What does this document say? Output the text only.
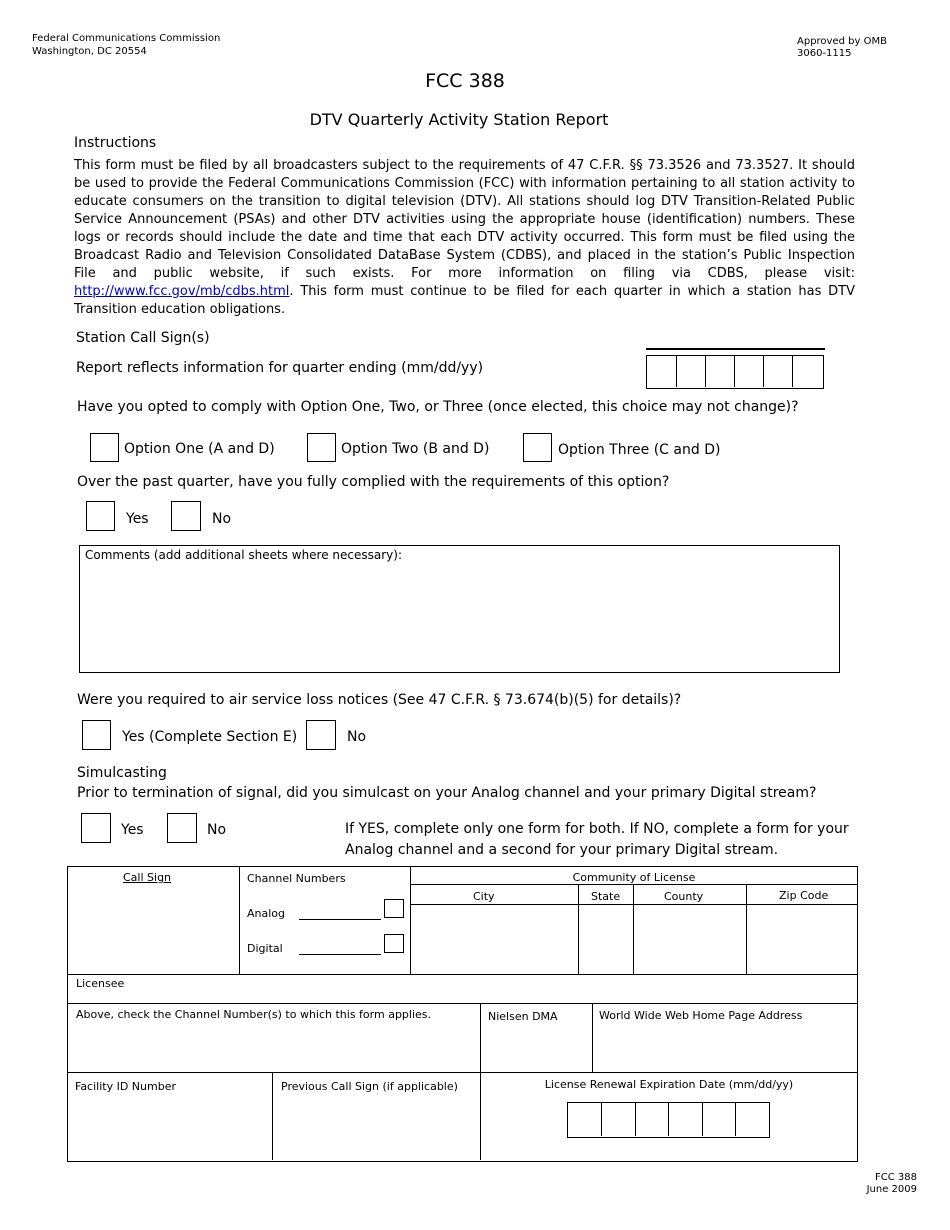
Federal Communications Commission
Washington, DC 20554
Approved by OMB
3060-1115
FCC 388
DTV Quarterly Activity Station Report
Instructions
This form must be filed by all broadcasters subject to the requirements of 47 C.F.R. §§ 73.3526 and 73.3527. It should be used to provide the Federal Communications Commission (FCC) with information pertaining to all station activity to educate consumers on the transition to digital television (DTV). All stations should log DTV Transition-Related Public Service Announcement (PSAs) and other DTV activities using the appropriate house (identification) numbers. These logs or records should include the date and time that each DTV activity occurred. This form must be filed using the Broadcast Radio and Television Consolidated DataBase System (CDBS), and placed in the station’s Public Inspection File and public website, if such exists. For more information on filing via CDBS, please visit: http://www.fcc.gov/mb/cdbs.html. This form must continue to be filed for each quarter in which a station has DTV Transition education obligations.
Station Call Sign(s)
Report reflects information for quarter ending (mm/dd/yy)
Have you opted to comply with Option One, Two, or Three (once elected, this choice may not change)?
Option One (A and D)	Option Two (B and D)	Option Three (C and D)
Over the past quarter, have you fully complied with the requirements of this option?
Yes	No
Comments (add additional sheets where necessary):
Were you required to air service loss notices (See 47 C.F.R. § 73.674(b)(5) for details)?
Yes (Complete Section E)	No
Simulcasting
Prior to termination of signal, did you simulcast on your Analog channel and your primary Digital stream?
Yes	No	If YES, complete only one form for both. If NO, complete a form for your
Analog channel and a second for your primary Digital stream.
Call Sign	Channel Numbers
Analog
Digital
Community of License
City	State	County	Zip Code
Licensee
Above, check the Channel Number(s) to which this form applies.	Nielsen DMA	World Wide Web Home Page Address
Facility ID Number	Previous Call Sign (if applicable)	License Renewal Expiration Date (mm/dd/yy)
FCC 388
June 2009
